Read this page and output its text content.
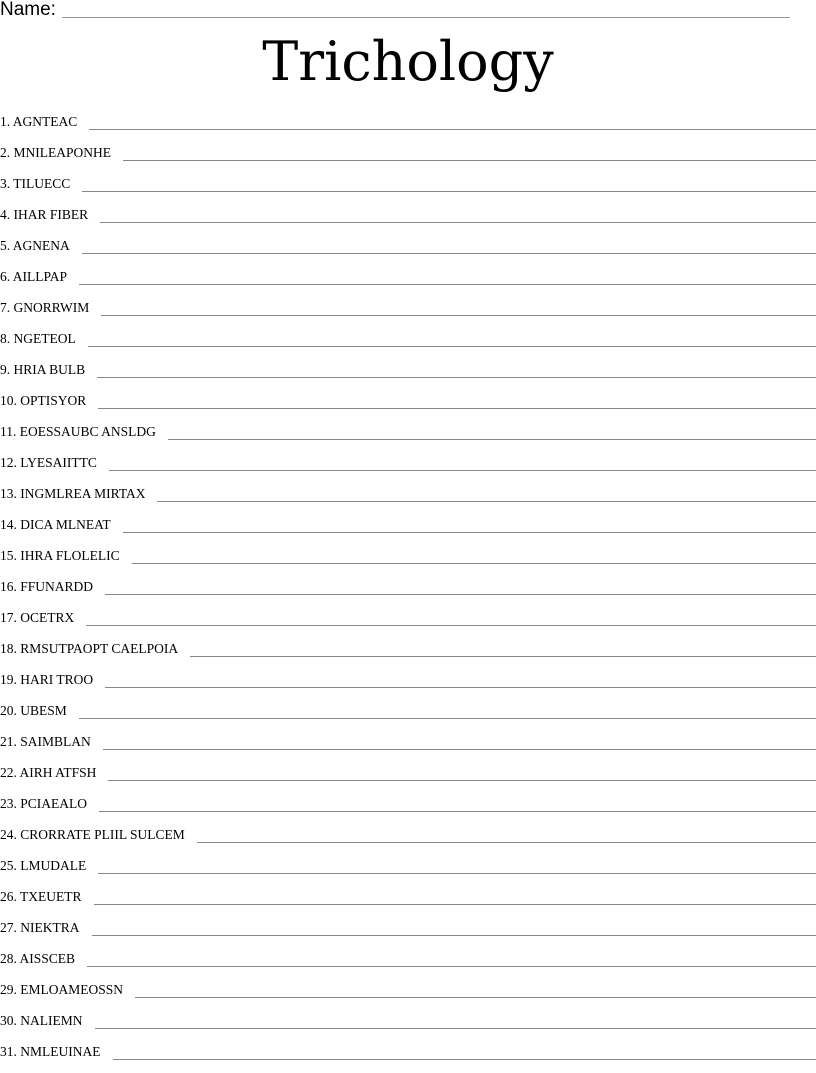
Name:
Trichology
1. AGNTEAC
2. MNILEAPONHE
3. TILUECC
4. IHAR FIBER
5. AGNENA
6. AILLPAP
7. GNORRWIM
8. NGETEOL
9. HRIA BULB
10. OPTISYOR
11. EOESSAUBC ANSLDG
12. LYESAIITTC
13. INGMLREA MIRTAX
14. DICA MLNEAT
15. IHRA FLOLELIC
16. FFUNARDD
17. OCETRX
18. RMSUTPAOPT CAELPOIA
19. HARI TROO
20. UBESM
21. SAIMBLAN
22. AIRH ATFSH
23. PCIAEALO
24. CRORRATE PLIIL SULCEM
25. LMUDALE
26. TXEUETR
27. NIEKTRA
28. AISSCEB
29. EMLOAMEOSSN
30. NALIEMN
31. NMLEUINAE
